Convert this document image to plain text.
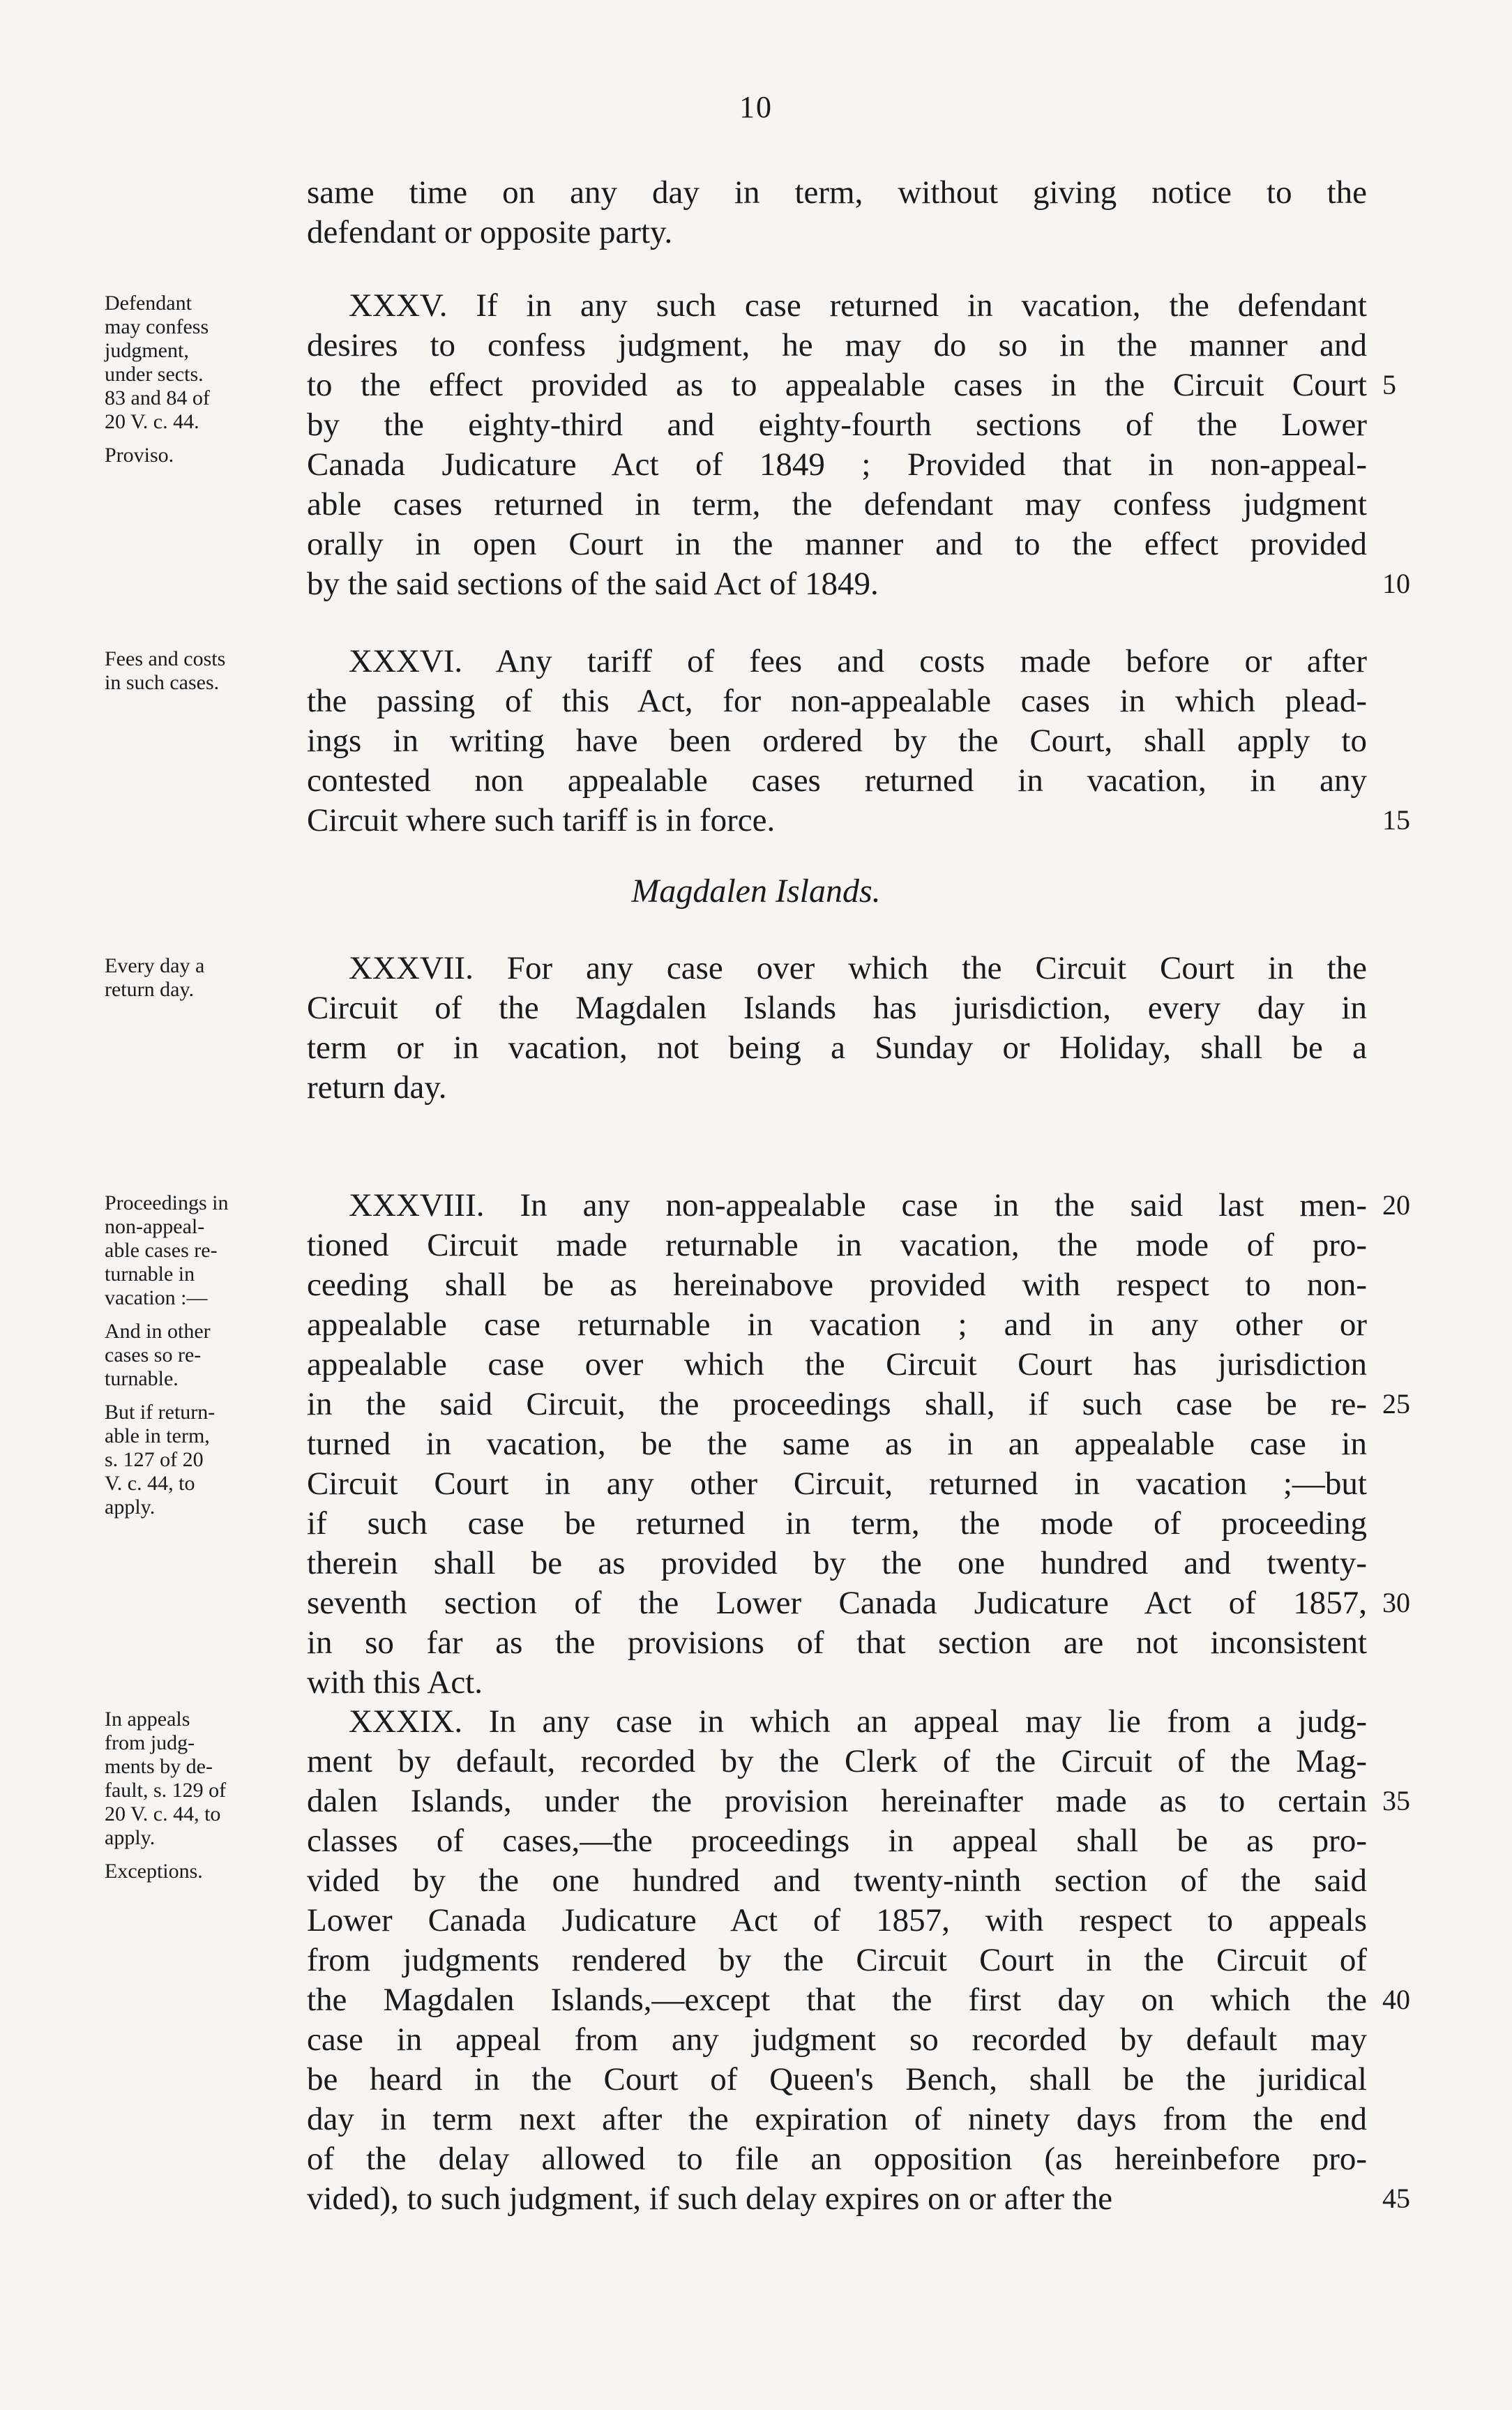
10
same time on any day in term, without giving notice to the
defendant or opposite party.
Defendant
may confess
judgment,
under sects.
83 and 84 of
20 V. c. 44.
Proviso.
XXXV. If in any such case returned in vacation, the defendant
desires to confess judgment, he may do so in the manner and
to the effect provided as to appealable cases in the Circuit Court
by the eighty-third and eighty-fourth sections of the Lower
Canada Judicature Act of 1849 ; Provided that in non-appeal-
able cases returned in term, the defendant may confess judgment
orally in open Court in the manner and to the effect provided
by the said sections of the said Act of 1849.
5
10
Fees and costs
in such cases.
XXXVI. Any tariff of fees and costs made before or after
the passing of this Act, for non-appealable cases in which plead-
ings in writing have been ordered by the Court, shall apply to
contested non appealable cases returned in vacation, in any
Circuit where such tariff is in force.	15
Magdalen Islands.
Every day a
return day.
XXXVII. For any case over which the Circuit Court in the
Circuit of the Magdalen Islands has jurisdiction, every day in
term or in vacation, not being a Sunday or Holiday, shall be a
return day.
Proceedings in
non-appeal-
able cases re-
turnable in
vacation :—
And in other
cases so re-
turnable.
But if return-
able in term,
s. 127 of 20
V. c. 44, to
apply.
XXXVIII. In any non-appealable case in the said last men-
tioned Circuit made returnable in vacation, the mode of pro-
ceeding shall be as hereinabove provided with respect to non-
appealable case returnable in vacation ; and in any other or
appealable case over which the Circuit Court has jurisdiction
in the said Circuit, the proceedings shall, if such case be re-
turned in vacation, be the same as in an appealable case in
Circuit Court in any other Circuit, returned in vacation ;—but
if such case be returned in term, the mode of proceeding
therein shall be as provided by the one hundred and twenty-
seventh section of the Lower Canada Judicature Act of 1857,
in so far as the provisions of that section are not inconsistent
with this Act.
20
25
30
In appeals
from judg-
ments by de-
fault, s. 129 of
20 V. c. 44, to
apply.
Exceptions.
XXXIX. In any case in which an appeal may lie from a judg-
ment by default, recorded by the Clerk of the Circuit of the Mag-
dalen Islands, under the provision hereinafter made as to certain
classes of cases,—the proceedings in appeal shall be as pro-
vided by the one hundred and twenty-ninth section of the said
Lower Canada Judicature Act of 1857, with respect to appeals
from judgments rendered by the Circuit Court in the Circuit of
the Magdalen Islands,—except that the first day on which the
case in appeal from any judgment so recorded by default may
be heard in the Court of Queen's Bench, shall be the juridical
day in term next after the expiration of ninety days from the end
of the delay allowed to file an opposition (as hereinbefore pro-
vided), to such judgment, if such delay expires on or after the
35
40
45
